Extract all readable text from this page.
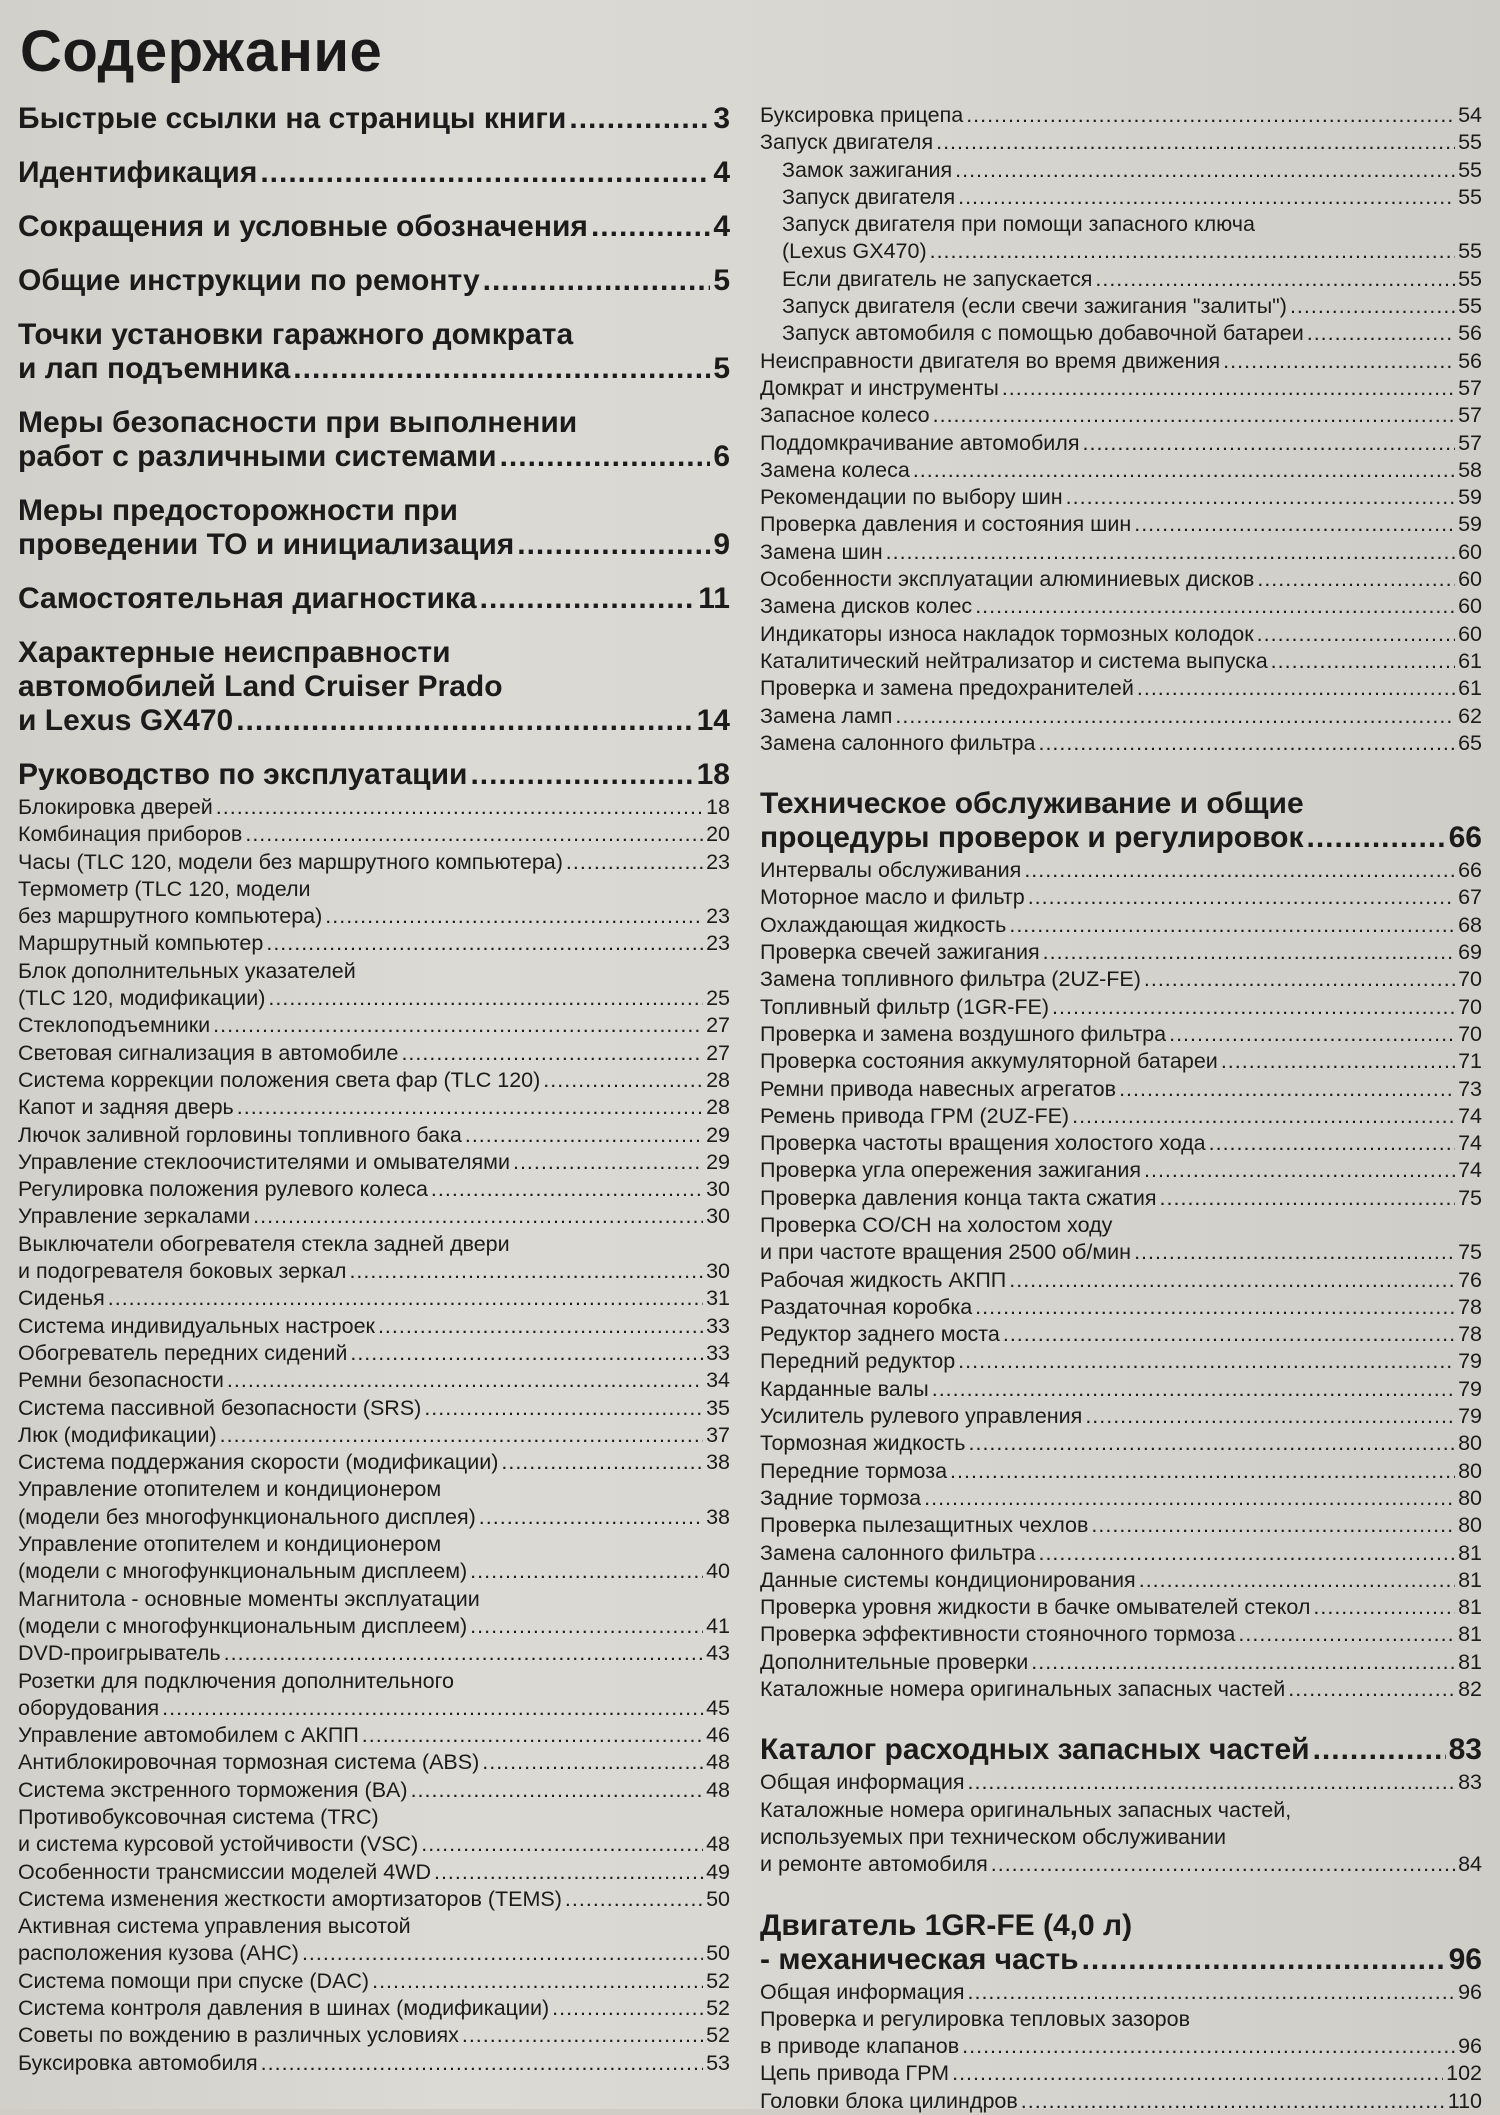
Содержание
Быстрые ссылки на страницы книги .....	3
Идентификация .....	4
Сокращения и условные обозначения .....	4
Общие инструкции по ремонту .....	5
Точки установки гаражного домкрата
и лап подъемника .....	5
Меры безопасности при выполнении
работ с различными системами .....	6
Меры предосторожности при
проведении ТО и инициализация .....	9
Самостоятельная диагностика .....	11
Характерные неисправности
автомобилей Land Cruiser Prado
и Lexus GX470 .....	14
Руководство по эксплуатации .....	18
Блокировка дверей .....	18
Комбинация приборов .....	20
Часы (TLC 120, модели без маршрутного компьютера) .....	23
Термометр (TLC 120, модели
без маршрутного компьютера) .....	23
Маршрутный компьютер .....	23
Блок дополнительных указателей
(TLC 120, модификации) .....	25
Стеклоподъемники .....	27
Световая сигнализация в автомобиле .....	27
Система коррекции положения света фар (TLC 120) .....	28
Капот и задняя дверь .....	28
Лючок заливной горловины топливного бака .....	29
Управление стеклоочистителями и омывателями .....	29
Регулировка положения рулевого колеса .....	30
Управление зеркалами .....	30
Выключатели обогревателя стекла задней двери
и подогревателя боковых зеркал .....	30
Сиденья .....	31
Система индивидуальных настроек .....	33
Обогреватель передних сидений .....	33
Ремни безопасности .....	34
Система пассивной безопасности (SRS) .....	35
Люк (модификации) .....	37
Система поддержания скорости (модификации) .....	38
Управление отопителем и кондиционером
(модели без многофункционального дисплея) .....	38
Управление отопителем и кондиционером
(модели с многофункциональным дисплеем) .....	40
Магнитола - основные моменты эксплуатации
(модели с многофункциональным дисплеем) .....	41
DVD-проигрыватель .....	43
Розетки для подключения дополнительного
оборудования .....	45
Управление автомобилем с АКПП .....	46
Антиблокировочная тормозная система (ABS) .....	48
Система экстренного торможения (BA) .....	48
Противобуксовочная система (TRC)
и система курсовой устойчивости (VSC) .....	48
Особенности трансмиссии моделей 4WD .....	49
Система изменения жесткости амортизаторов (TEMS) .....	50
Активная система управления высотой
расположения кузова (AHC) .....	50
Система помощи при спуске (DAC) .....	52
Система контроля давления в шинах (модификации) .....	52
Советы по вождению в различных условиях .....	52
Буксировка автомобиля .....	53
Буксировка прицепа .....	54
Запуск двигателя .....	55
Замок зажигания .....	55
Запуск двигателя .....	55
Запуск двигателя при помощи запасного ключа
(Lexus GX470) .....	55
Если двигатель не запускается .....	55
Запуск двигателя (если свечи зажигания "залиты") .....	55
Запуск автомобиля с помощью добавочной батареи .....	56
Неисправности двигателя во время движения .....	56
Домкрат и инструменты .....	57
Запасное колесо .....	57
Поддомкрачивание автомобиля .....	57
Замена колеса .....	58
Рекомендации по выбору шин .....	59
Проверка давления и состояния шин .....	59
Замена шин .....	60
Особенности эксплуатации алюминиевых дисков .....	60
Замена дисков колес .....	60
Индикаторы износа накладок тормозных колодок .....	60
Каталитический нейтрализатор и система выпуска .....	61
Проверка и замена предохранителей .....	61
Замена ламп .....	62
Замена салонного фильтра .....	65
Техническое обслуживание и общие
процедуры проверок и регулировок .....	66
Интервалы обслуживания .....	66
Моторное масло и фильтр .....	67
Охлаждающая жидкость .....	68
Проверка свечей зажигания .....	69
Замена топливного фильтра (2UZ-FE) .....	70
Топливный фильтр (1GR-FE) .....	70
Проверка и замена воздушного фильтра .....	70
Проверка состояния аккумуляторной батареи .....	71
Ремни привода навесных агрегатов .....	73
Ремень привода ГРМ (2UZ-FE) .....	74
Проверка частоты вращения холостого хода .....	74
Проверка угла опережения зажигания .....	74
Проверка давления конца такта сжатия .....	75
Проверка CO/CH на холостом ходу
и при частоте вращения 2500 об/мин .....	75
Рабочая жидкость АКПП .....	76
Раздаточная коробка .....	78
Редуктор заднего моста .....	78
Передний редуктор .....	79
Карданные валы .....	79
Усилитель рулевого управления .....	79
Тормозная жидкость .....	80
Передние тормоза .....	80
Задние тормоза .....	80
Проверка пылезащитных чехлов .....	80
Замена салонного фильтра .....	81
Данные системы кондиционирования .....	81
Проверка уровня жидкости в бачке омывателей стекол .....	81
Проверка эффективности стояночного тормоза .....	81
Дополнительные проверки .....	81
Каталожные номера оригинальных запасных частей .....	82
Каталог расходных запасных частей .....	83
Общая информация .....	83
Каталожные номера оригинальных запасных частей,
используемых при техническом обслуживании
и ремонте автомобиля .....	84
Двигатель 1GR-FE (4,0 л)
- механическая часть .....	96
Общая информация .....	96
Проверка и регулировка тепловых зазоров
в приводе клапанов .....	96
Цепь привода ГРМ .....	102
Головки блока цилиндров .....	110
